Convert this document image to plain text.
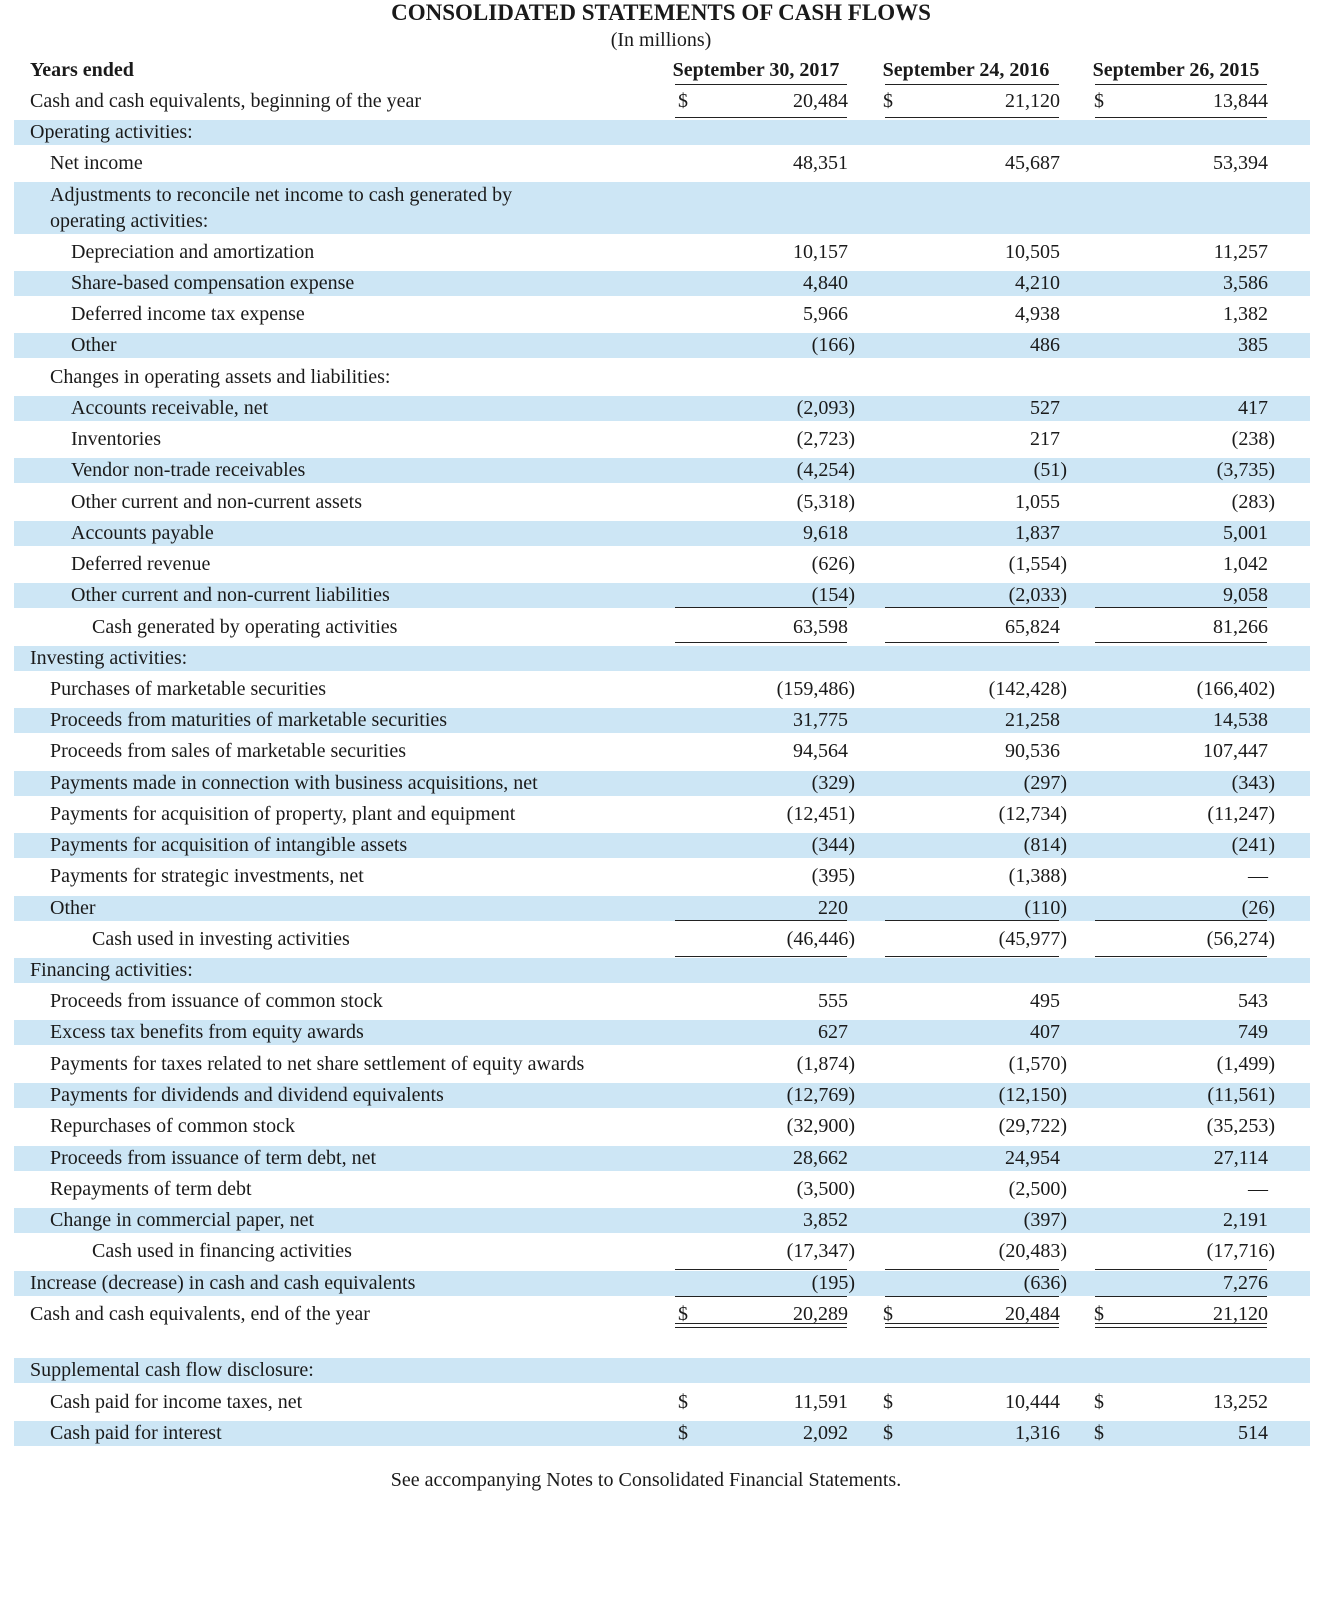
CONSOLIDATED STATEMENTS OF CASH FLOWS
(In millions)
Years ended	September 30, 2017	September 24, 2016	September 26, 2015
Cash and cash equivalents, beginning of the year	$	20,484 $	21,120 $	13,844
Operating activities:
Net income	48,351	45,687	53,394
Adjustments to reconcile net income to cash generated by operating activities:
Depreciation and amortization	10,157	10,505	11,257
Share-based compensation expense	4,840	4,210	3,586
Deferred income tax expense	5,966	4,938	1,382
Other	(166)	486	385
Changes in operating assets and liabilities:
Accounts receivable, net	(2,093)	527	417
Inventories	(2,723)	217	(238)
Vendor non-trade receivables	(4,254)	(51)	(3,735)
Other current and non-current assets	(5,318)	1,055	(283)
Accounts payable	9,618	1,837	5,001
Deferred revenue	(626)	(1,554)	1,042
Other current and non-current liabilities	(154)	(2,033)	9,058
Cash generated by operating activities	63,598	65,824	81,266
Investing activities:
Purchases of marketable securities	(159,486)	(142,428)	(166,402)
Proceeds from maturities of marketable securities	31,775	21,258	14,538
Proceeds from sales of marketable securities	94,564	90,536	107,447
Payments made in connection with business acquisitions, net	(329)	(297)	(343)
Payments for acquisition of property, plant and equipment	(12,451)	(12,734)	(11,247)
Payments for acquisition of intangible assets	(344)	(814)	(241)
Payments for strategic investments, net	(395)	(1,388)	—
Other	220	(110)	(26)
Cash used in investing activities	(46,446)	(45,977)	(56,274)
Financing activities:
Proceeds from issuance of common stock	555	495	543
Excess tax benefits from equity awards	627	407	749
Payments for taxes related to net share settlement of equity awards	(1,874)	(1,570)	(1,499)
Payments for dividends and dividend equivalents	(12,769)	(12,150)	(11,561)
Repurchases of common stock	(32,900)	(29,722)	(35,253)
Proceeds from issuance of term debt, net	28,662	24,954	27,114
Repayments of term debt	(3,500)	(2,500)	—
Change in commercial paper, net	3,852	(397)	2,191
Cash used in financing activities	(17,347)	(20,483)	(17,716)
Increase (decrease) in cash and cash equivalents	(195)	(636)	7,276
Cash and cash equivalents, end of the year	$	20,289 $	20,484 $	21,120
Supplemental cash flow disclosure:
Cash paid for income taxes, net	$	11,591 $	10,444 $	13,252
Cash paid for interest	$	2,092 $	1,316 $	514
See accompanying Notes to Consolidated Financial Statements.
